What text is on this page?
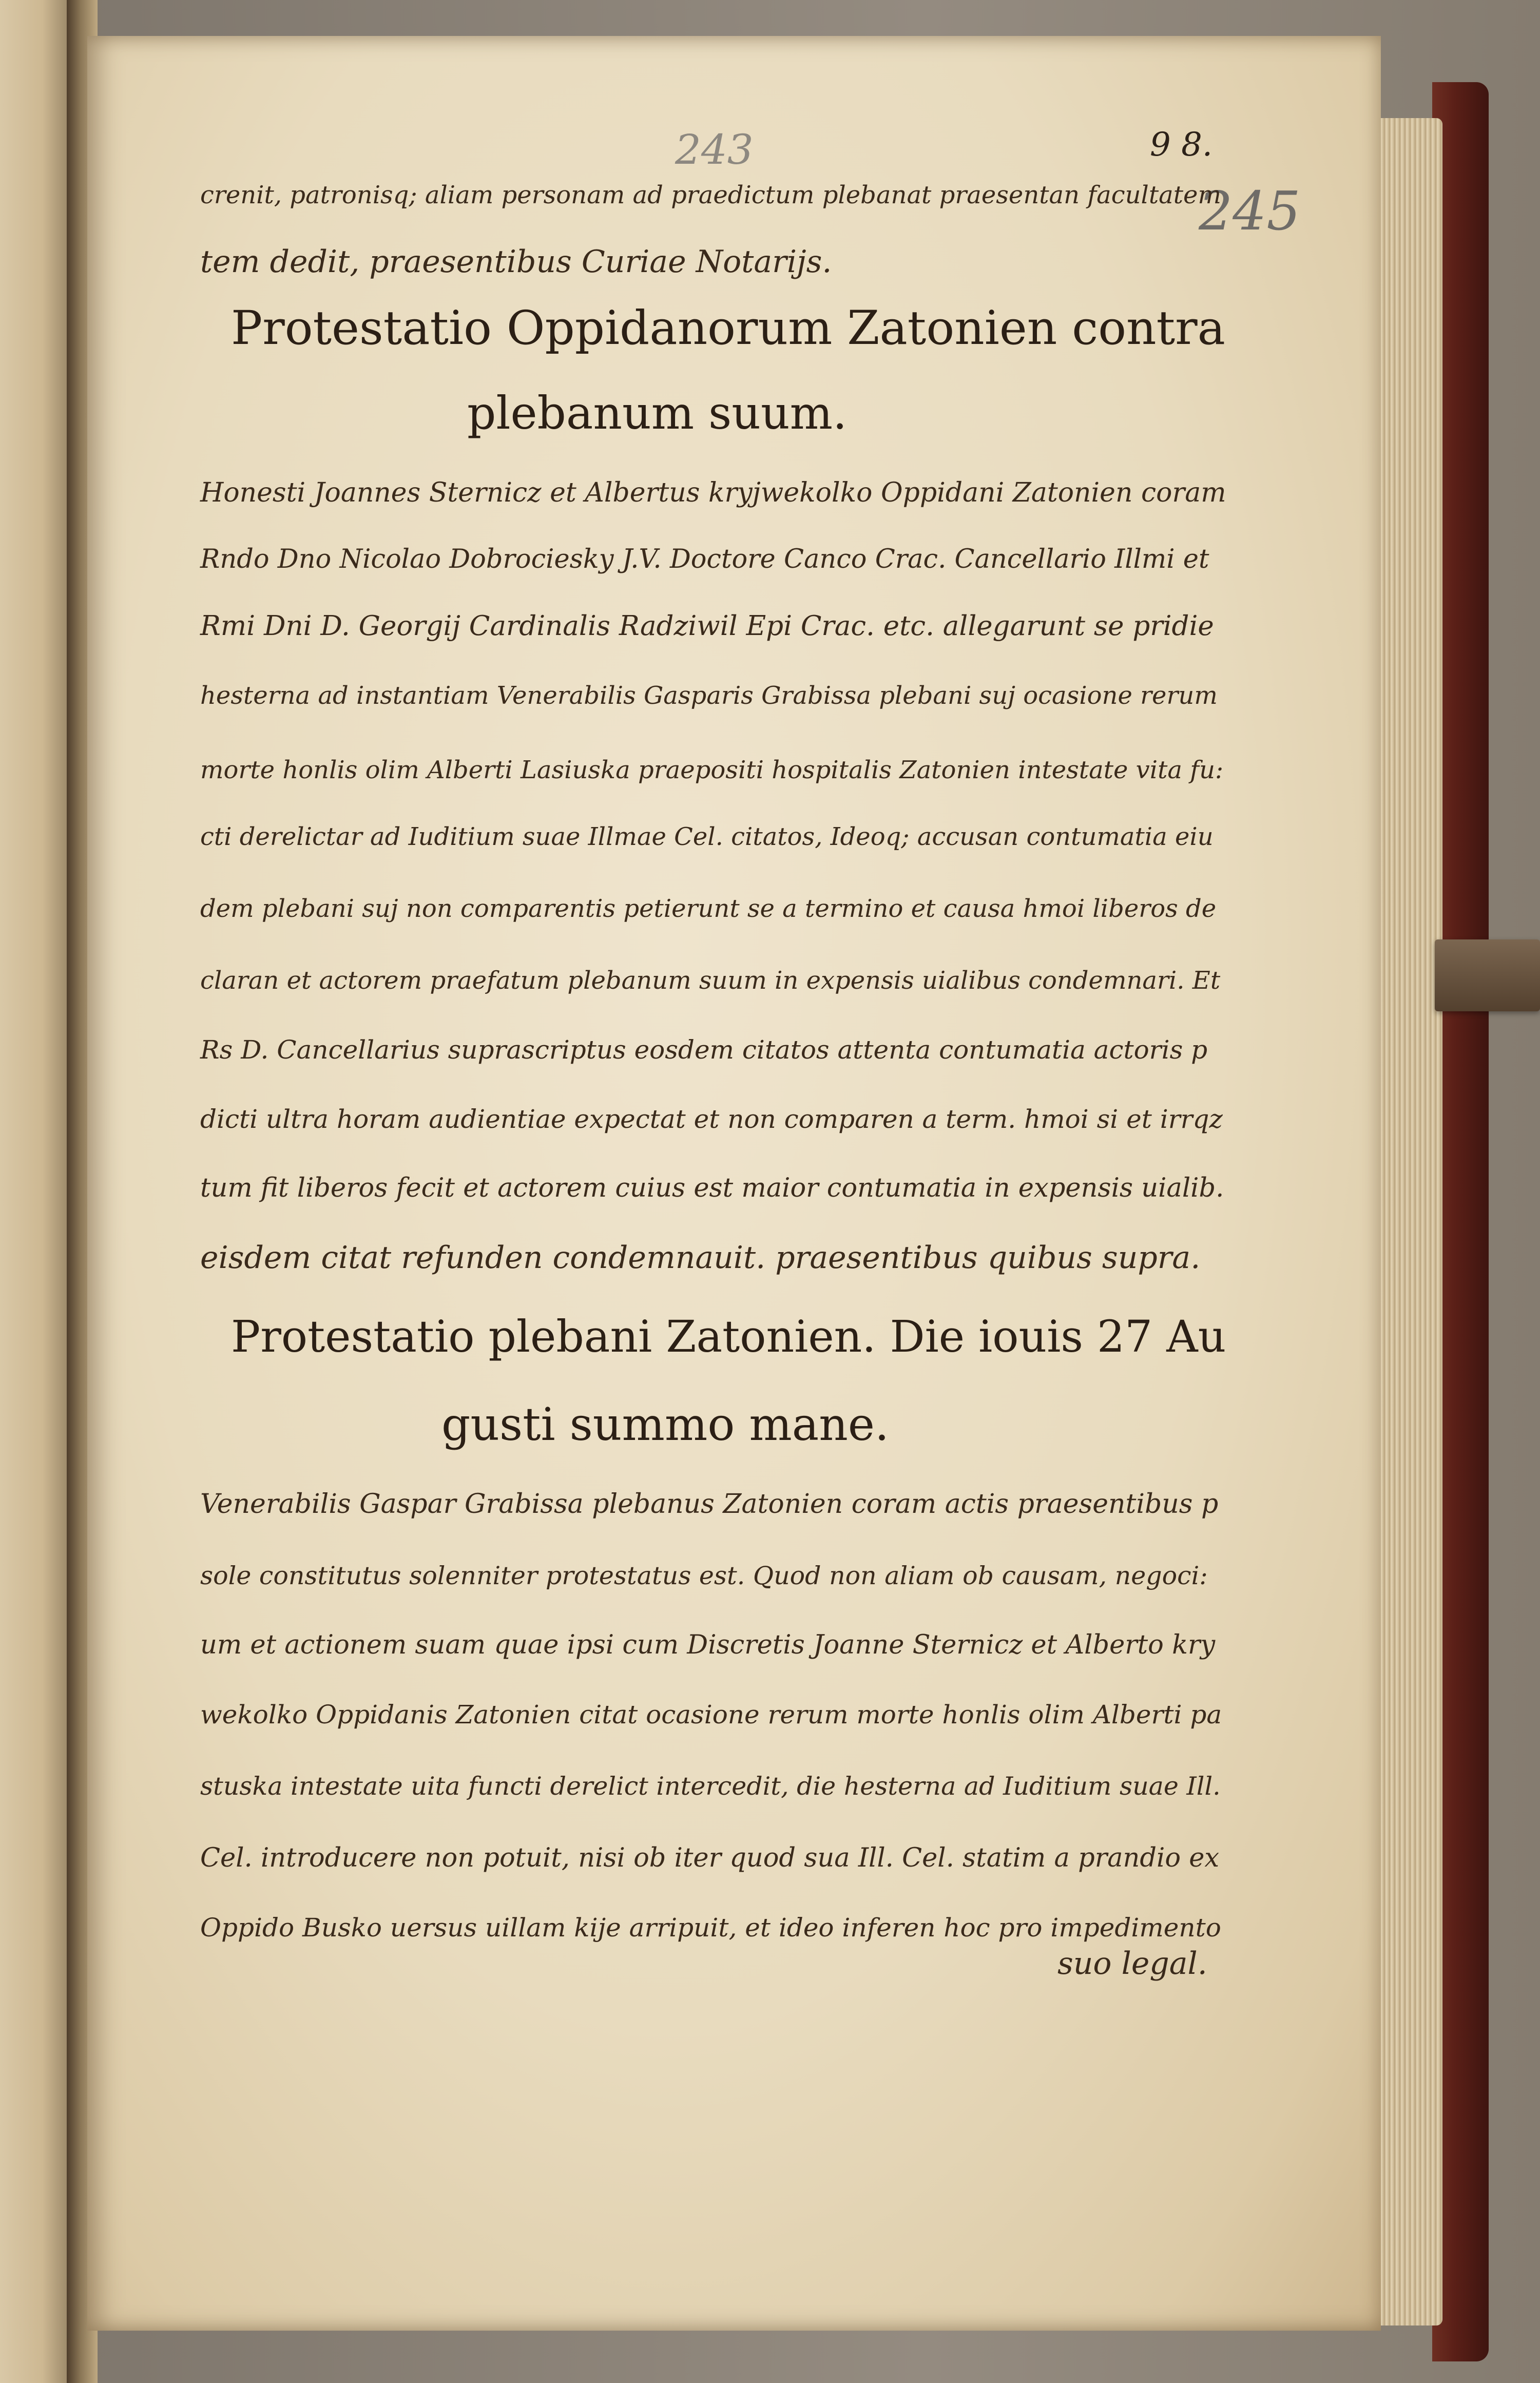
243	9 8.
245
crenit, patronisq; aliam personam ad praedictum plebanat praesentan facultatem
tem dedit, praesentibus Curiae Notarijs.
Protestatio Oppidanorum Zatonien contra
plebanum suum.
Honesti Joannes Sternicz et Albertus kryjwekolko Oppidani Zatonien coram
Rndo Dno Nicolao Dobrociesky J.V. Doctore Canco Crac. Cancellario Illmi et
Rmi Dni D. Georgij Cardinalis Radziwil Epi Crac. etc. allegarunt se pridie
hesterna ad instantiam Venerabilis Gasparis Grabissa plebani suj ocasione rerum
morte honlis olim Alberti Lasiuska praepositi hospitalis Zatonien intestate vita fu:
cti derelictar ad Iuditium suae Illmae Cel. citatos, Ideoq; accusan contumatia eiu
dem plebani suj non comparentis petierunt se a termino et causa hmoi liberos de
claran et actorem praefatum plebanum suum in expensis uialibus condemnari. Et
Rs D. Cancellarius suprascriptus eosdem citatos attenta contumatia actoris p
dicti ultra horam audientiae expectat et non comparen a term. hmoi si et irrqz
tum fit liberos fecit et actorem cuius est maior contumatia in expensis uialib.
eisdem citat refunden condemnauit. praesentibus quibus supra.
Protestatio plebani Zatonien. Die iouis 27 Au
gusti summo mane.
Venerabilis Gaspar Grabissa plebanus Zatonien coram actis praesentibus p
sole constitutus solenniter protestatus est. Quod non aliam ob causam, negoci:
um et actionem suam quae ipsi cum Discretis Joanne Sternicz et Alberto kry
wekolko Oppidanis Zatonien citat ocasione rerum morte honlis olim Alberti pa
stuska intestate uita functi derelict intercedit, die hesterna ad Iuditium suae Ill.
Cel. introducere non potuit, nisi ob iter quod sua Ill. Cel. statim a prandio ex
Oppido Busko uersus uillam kije arripuit, et ideo inferen hoc pro impedimento
suo legal.
